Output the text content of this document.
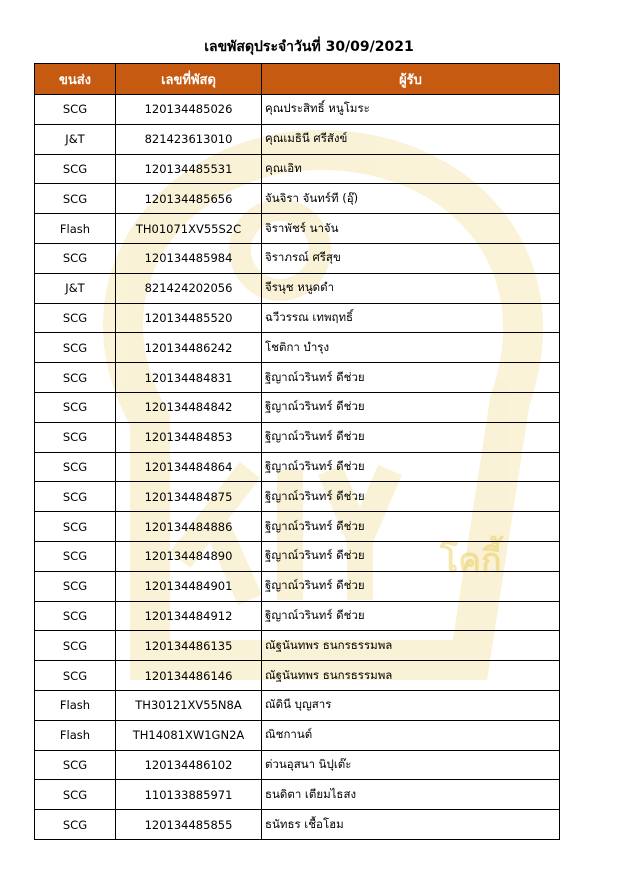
โคกี้
เลขพัสดุประจำวันที่ 30/09/2021
ขนส่ง	เลขที่พัสดุ	ผู้รับ
SCG	120134485026	คุณประสิทธิ์ หนูโมระ
J&T	821423613010	คุณเมธินี ศรีสังข์
SCG	120134485531	คุณเอิท
SCG	120134485656	จันจิรา จันทร์ที (อุ๊)
Flash	TH01071XV55S2C	จิราพัชร์ นาจัน
SCG	120134485984	จิราภรณ์ ศรีสุข
J&T	821424202056	จีรนุช หนูดดำ
SCG	120134485520	ฉวีวรรณ เทพฤทธิ์
SCG	120134486242	โชติกา บำรุง
SCG	120134484831	ฐิญาณ์วรินทร์ ดีช่วย
SCG	120134484842	ฐิญาณ์วรินทร์ ดีช่วย
SCG	120134484853	ฐิญาณ์วรินทร์ ดีช่วย
SCG	120134484864	ฐิญาณ์วรินทร์ ดีช่วย
SCG	120134484875	ฐิญาณ์วรินทร์ ดีช่วย
SCG	120134484886	ฐิญาณ์วรินทร์ ดีช่วย
SCG	120134484890	ฐิญาณ์วรินทร์ ดีช่วย
SCG	120134484901	ฐิญาณ์วรินทร์ ดีช่วย
SCG	120134484912	ฐิญาณ์วรินทร์ ดีช่วย
SCG	120134486135	ณัฐนันทพร ธนกรธรรมพล
SCG	120134486146	ณัฐนันทพร ธนกรธรรมพล
Flash	TH30121XV55N8A	ณัดินี บุญสาร
Flash	TH14081XW1GN2A	ณิชกานต์
SCG	120134486102	ต่วนอุสนา นิปุเต๊ะ
SCG	110133885971	ธนดิตา เตียมไธสง
SCG	120134485855	ธนัทธร เชื้อโฮม
